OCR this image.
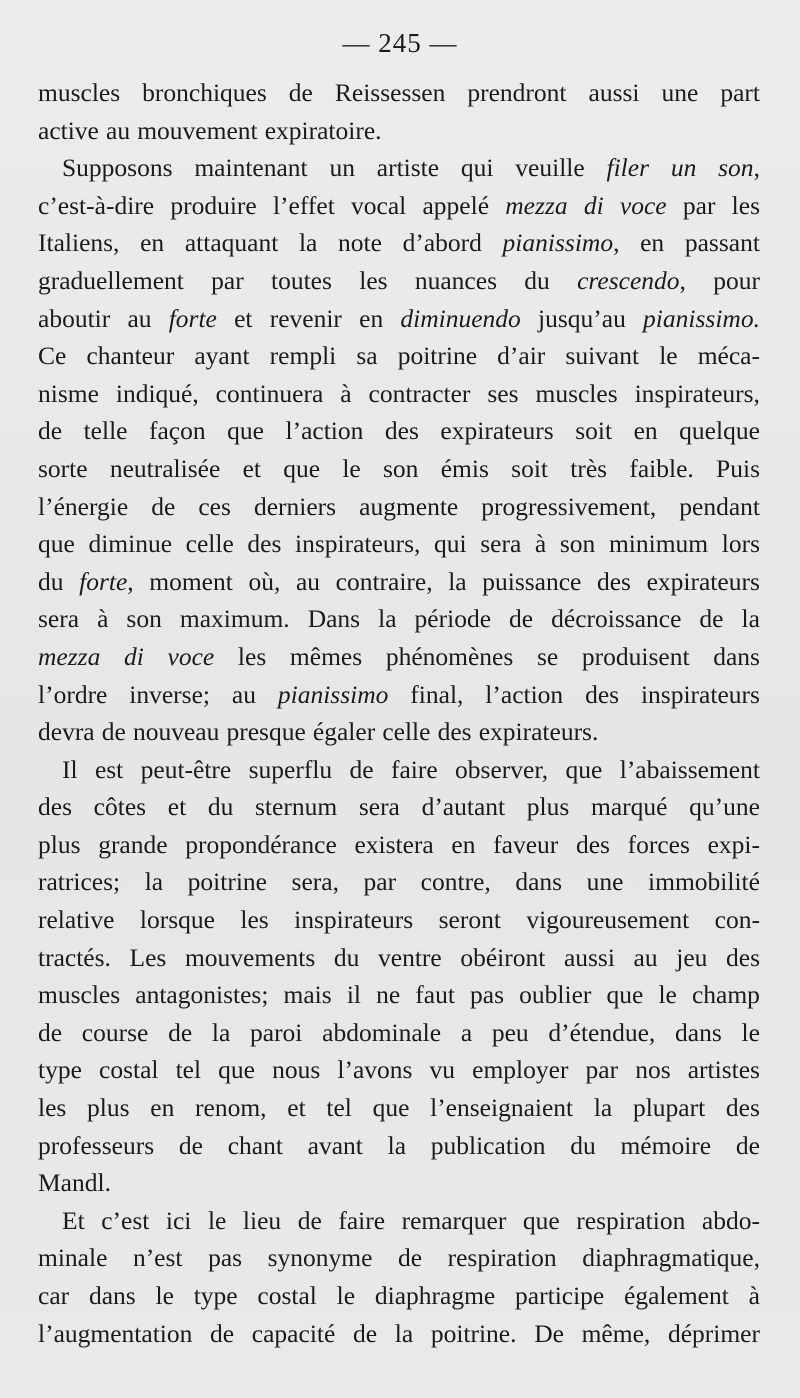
— 245 —
muscles bronchiques de Reissessen prendront aussi une part
active au mouvement expiratoire.
Supposons maintenant un artiste qui veuille filer un son,
c’est-à-dire produire l’effet vocal appelé mezza di voce par les
Italiens, en attaquant la note d’abord pianissimo, en passant
graduellement par toutes les nuances du crescendo, pour
aboutir au forte et revenir en diminuendo jusqu’au pianissimo.
Ce chanteur ayant rempli sa poitrine d’air suivant le méca-
nisme indiqué, continuera à contracter ses muscles inspirateurs,
de telle façon que l’action des expirateurs soit en quelque
sorte neutralisée et que le son émis soit très faible. Puis
l’énergie de ces derniers augmente progressivement, pendant
que diminue celle des inspirateurs, qui sera à son minimum lors
du forte, moment où, au contraire, la puissance des expirateurs
sera à son maximum. Dans la période de décroissance de la
mezza di voce les mêmes phénomènes se produisent dans
l’ordre inverse; au pianissimo final, l’action des inspirateurs
devra de nouveau presque égaler celle des expirateurs.
Il est peut-être superflu de faire observer, que l’abaissement
des côtes et du sternum sera d’autant plus marqué qu’une
plus grande propondérance existera en faveur des forces expi-
ratrices; la poitrine sera, par contre, dans une immobilité
relative lorsque les inspirateurs seront vigoureusement con-
tractés. Les mouvements du ventre obéiront aussi au jeu des
muscles antagonistes; mais il ne faut pas oublier que le champ
de course de la paroi abdominale a peu d’étendue, dans le
type costal tel que nous l’avons vu employer par nos artistes
les plus en renom, et tel que l’enseignaient la plupart des
professeurs de chant avant la publication du mémoire de
Mandl.
Et c’est ici le lieu de faire remarquer que respiration abdo-
minale n’est pas synonyme de respiration diaphragmatique,
car dans le type costal le diaphragme participe également à
l’augmentation de capacité de la poitrine. De même, déprimer
